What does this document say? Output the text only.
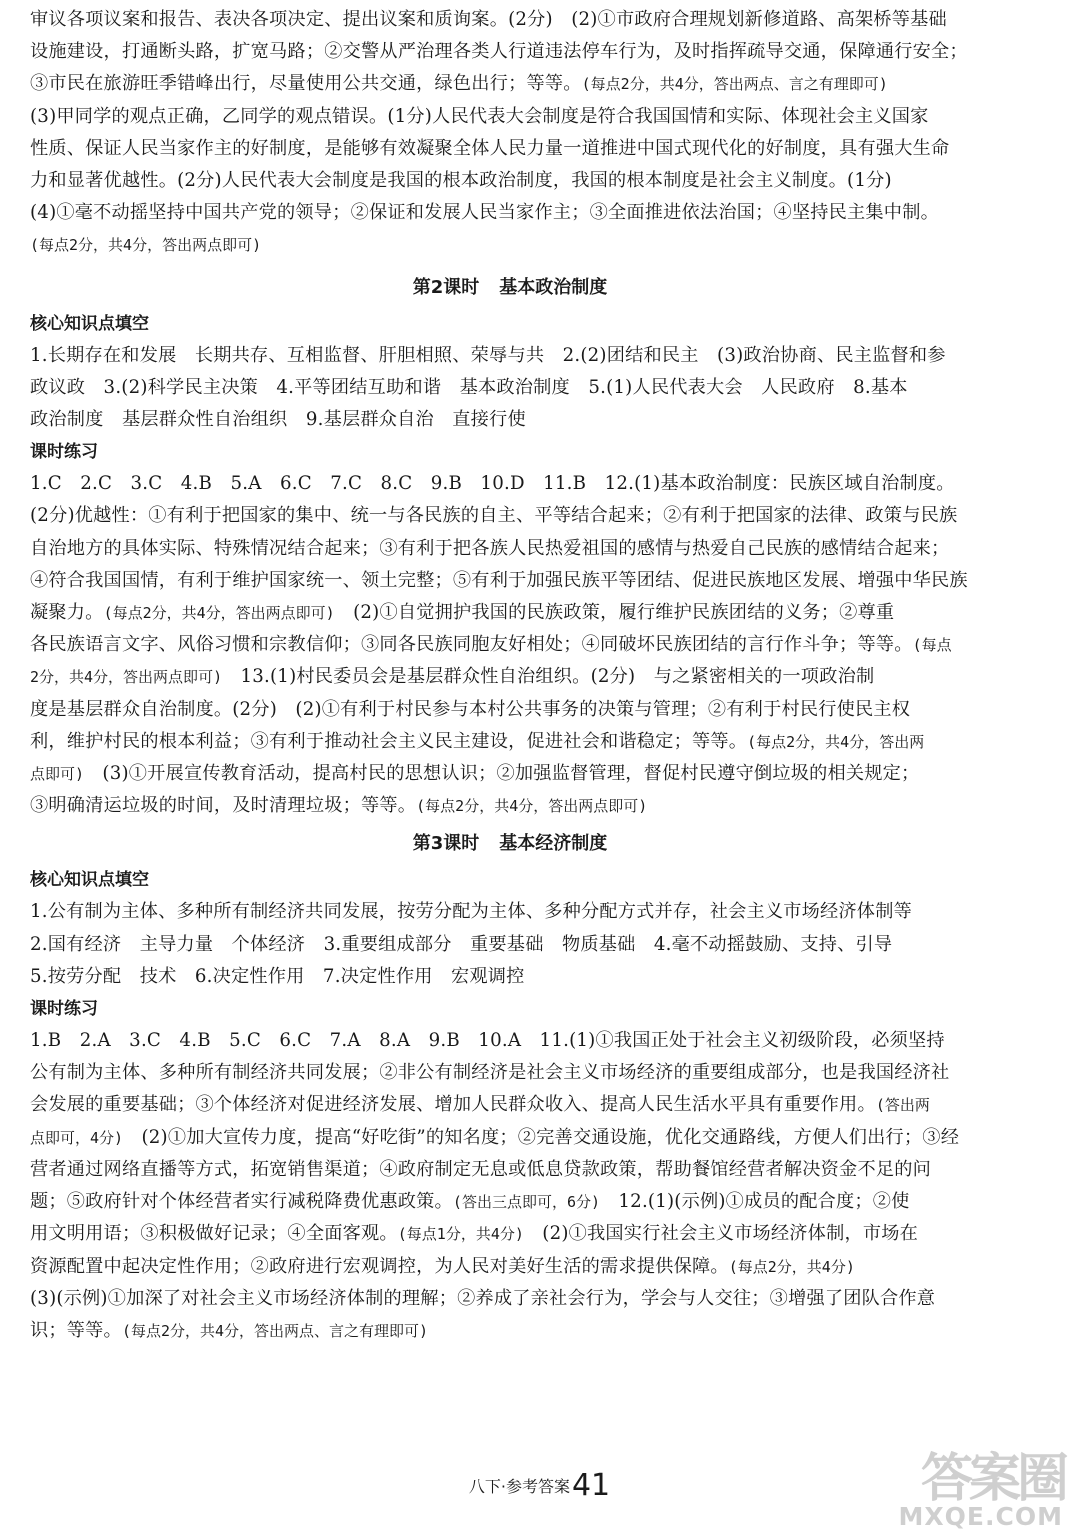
审议各项议案和报告、表决各项决定、提出议案和质询案。(2分)　 (2)①市政府合理规划新修道路、高架桥等基础

设施建设，打通断头路，扩宽马路；②交警从严治理各类人行道违法停车行为，及时指挥疏导交通，保障通行安全；

③市民在旅游旺季错峰出行，尽量使用公共交通，绿色出行；等等。(每点2分，共4分，答出两点、言之有理即可)

(3)甲同学的观点正确，乙同学的观点错误。(1分)人民代表大会制度是符合我国国情和实际、体现社会主义国家

性质、保证人民当家作主的好制度，是能够有效凝聚全体人民力量一道推进中国式现代化的好制度，具有强大生命

力和显著优越性。(2分)人民代表大会制度是我国的根本政治制度，我国的根本制度是社会主义制度。(1分)

(4)①毫不动摇坚持中国共产党的领导；②保证和发展人民当家作主；③全面推进依法治国；④坚持民主集中制。

(每点2分，共4分，答出两点即可)

第2课时 基本政治制度

核心知识点填空

1.长期存在和发展　长期共存、互相监督、肝胆相照、荣辱与共　2.(2)团结和民主　(3)政治协商、民主监督和参

政议政　3.(2)科学民主决策　4.平等团结互助和谐　基本政治制度　5.(1)人民代表大会　人民政府　8.基本

政治制度　基层群众性自治组织　9.基层群众自治　直接行使

课时练习

1.C　2.C　3.C　4.B　5.A　6.C　7.C　8.C　9.B　10.D　11.B　12.(1)基本政治制度：民族区域自治制度。

(2分)优越性：①有利于把国家的集中、统一与各民族的自主、平等结合起来；②有利于把国家的法律、政策与民族

自治地方的具体实际、特殊情况结合起来；③有利于把各族人民热爱祖国的感情与热爱自己民族的感情结合起来；

④符合我国国情，有利于维护国家统一、领土完整；⑤有利于加强民族平等团结、促进民族地区发展、增强中华民族

凝聚力。(每点2分，共4分，答出两点即可)　(2)①自觉拥护我国的民族政策，履行维护民族团结的义务；②尊重

各民族语言文字、风俗习惯和宗教信仰；③同各民族同胞友好相处；④同破坏民族团结的言行作斗争；等等。(每点

2分，共4分，答出两点即可)　13.(1)村民委员会是基层群众性自治组织。(2分)　与之紧密相关的一项政治制

度是基层群众自治制度。(2分)　(2)①有利于村民参与本村公共事务的决策与管理；②有利于村民行使民主权

利，维护村民的根本利益；③有利于推动社会主义民主建设，促进社会和谐稳定；等等。(每点2分，共4分，答出两

点即可)　(3)①开展宣传教育活动，提高村民的思想认识；②加强监督管理，督促村民遵守倒垃圾的相关规定；

③明确清运垃圾的时间，及时清理垃圾；等等。(每点2分，共4分，答出两点即可)

第3课时 基本经济制度

核心知识点填空

1.公有制为主体、多种所有制经济共同发展，按劳分配为主体、多种分配方式并存，社会主义市场经济体制等

2.国有经济　主导力量　个体经济　3.重要组成部分　重要基础　物质基础　4.毫不动摇鼓励、支持、引导

5.按劳分配　技术　6.决定性作用　7.决定性作用　宏观调控

课时练习

1.B　2.A　3.C　4.B　5.C　6.C　7.A　8.A　9.B　10.A　11.(1)①我国正处于社会主义初级阶段，必须坚持

公有制为主体、多种所有制经济共同发展；②非公有制经济是社会主义市场经济的重要组成部分，也是我国经济社

会发展的重要基础；③个体经济对促进经济发展、增加人民群众收入、提高人民生活水平具有重要作用。(答出两

点即可，4分)　(2)①加大宣传力度，提高“好吃街”的知名度；②完善交通设施，优化交通路线，方便人们出行；③经

营者通过网络直播等方式，拓宽销售渠道；④政府制定无息或低息贷款政策，帮助餐馆经营者解决资金不足的问

题；⑤政府针对个体经营者实行减税降费优惠政策。(答出三点即可，6分)　12.(1)(示例)①成员的配合度；②使

用文明用语；③积极做好记录；④全面客观。(每点1分，共4分)　(2)①我国实行社会主义市场经济体制，市场在

资源配置中起决定性作用；②政府进行宏观调控，为人民对美好生活的需求提供保障。(每点2分，共4分)

(3)(示例)①加深了对社会主义市场经济体制的理解；②养成了亲社会行为，学会与人交往；③增强了团队合作意

识；等等。(每点2分，共4分，答出两点、言之有理即可)

八下·参考答案41	答案圈
MXQE.COM
